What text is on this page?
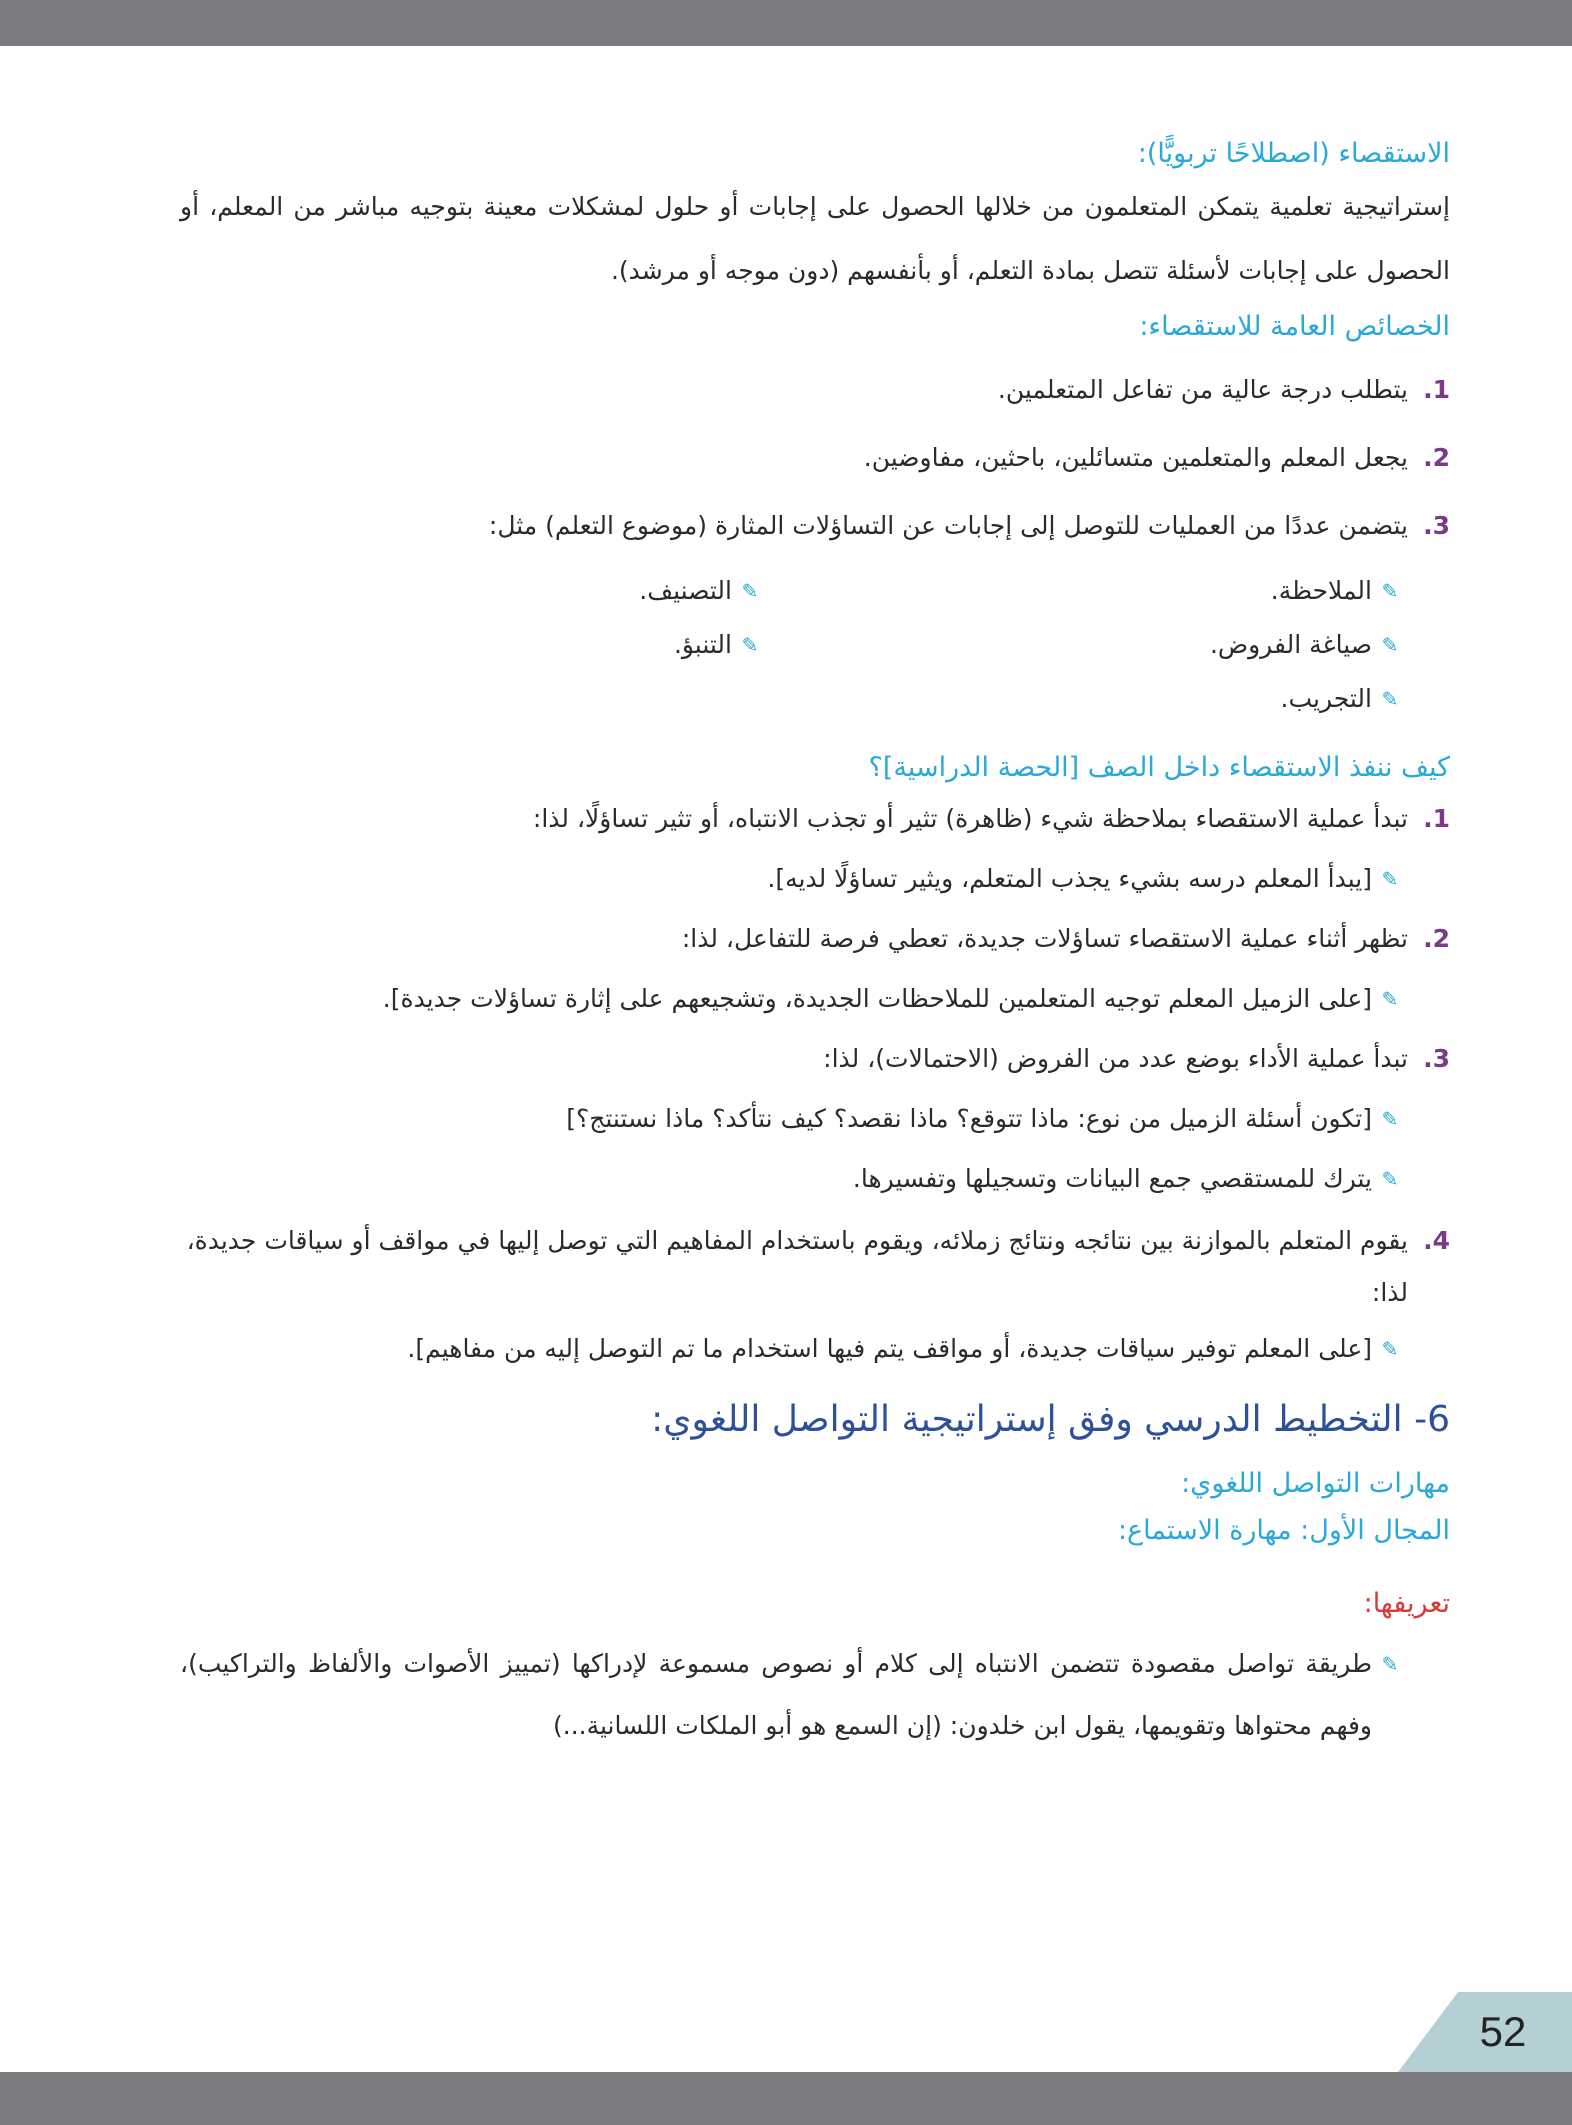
الاستقصاء (اصطلاحًا تربويًّا):

إستراتيجية تعلمية يتمكن المتعلمون من خلالها الحصول على إجابات أو حلول لمشكلات معينة بتوجيه مباشر من المعلم، أو الحصول على إجابات لأسئلة تتصل بمادة التعلم، أو بأنفسهم (دون موجه أو مرشد).

الخصائص العامة للاستقصاء:
1.
يتطلب درجة عالية من تفاعل المتعلمين.
2.
يجعل المعلم والمتعلمين متسائلين، باحثين، مفاوضين.
3.
يتضمن عددًا من العمليات للتوصل إلى إجابات عن التساؤلات المثارة (موضوع التعلم) مثل:
✎
الملاحظة.
✎
التصنيف.
✎
صياغة الفروض.
✎
التنبؤ.
✎
التجريب.
كيف ننفذ الاستقصاء داخل الصف [الحصة الدراسية]؟
1.
تبدأ عملية الاستقصاء بملاحظة شيء (ظاهرة) تثير أو تجذب الانتباه، أو تثير تساؤلًا، لذا:
✎
[يبدأ المعلم درسه بشيء يجذب المتعلم، ويثير تساؤلًا لديه].
2.
تظهر أثناء عملية الاستقصاء تساؤلات جديدة، تعطي فرصة للتفاعل، لذا:
✎
[على الزميل المعلم توجيه المتعلمين للملاحظات الجديدة، وتشجيعهم على إثارة تساؤلات جديدة].
3.
تبدأ عملية الأداء بوضع عدد من الفروض (الاحتمالات)، لذا:
✎
[تكون أسئلة الزميل من نوع: ماذا تتوقع؟ ماذا نقصد؟ كيف نتأكد؟ ماذا نستنتج؟]
✎
يترك للمستقصي جمع البيانات وتسجيلها وتفسيرها.
4.
يقوم المتعلم بالموازنة بين نتائجه ونتائج زملائه، ويقوم باستخدام المفاهيم التي توصل إليها في مواقف أو سياقات جديدة، لذا:
✎
[على المعلم توفير سياقات جديدة، أو مواقف يتم فيها استخدام ما تم التوصل إليه من مفاهيم].
6- التخطيط الدرسي وفق إستراتيجية التواصل اللغوي:
مهارات التواصل اللغوي:
المجال الأول: مهارة الاستماع:
تعريفها:
✎
طريقة تواصل مقصودة تتضمن الانتباه إلى كلام أو نصوص مسموعة لإدراكها (تمييز الأصوات والألفاظ والتراكيب)، وفهم محتواها وتقويمها، يقول ابن خلدون: (إن السمع هو أبو الملكات اللسانية...)
52
